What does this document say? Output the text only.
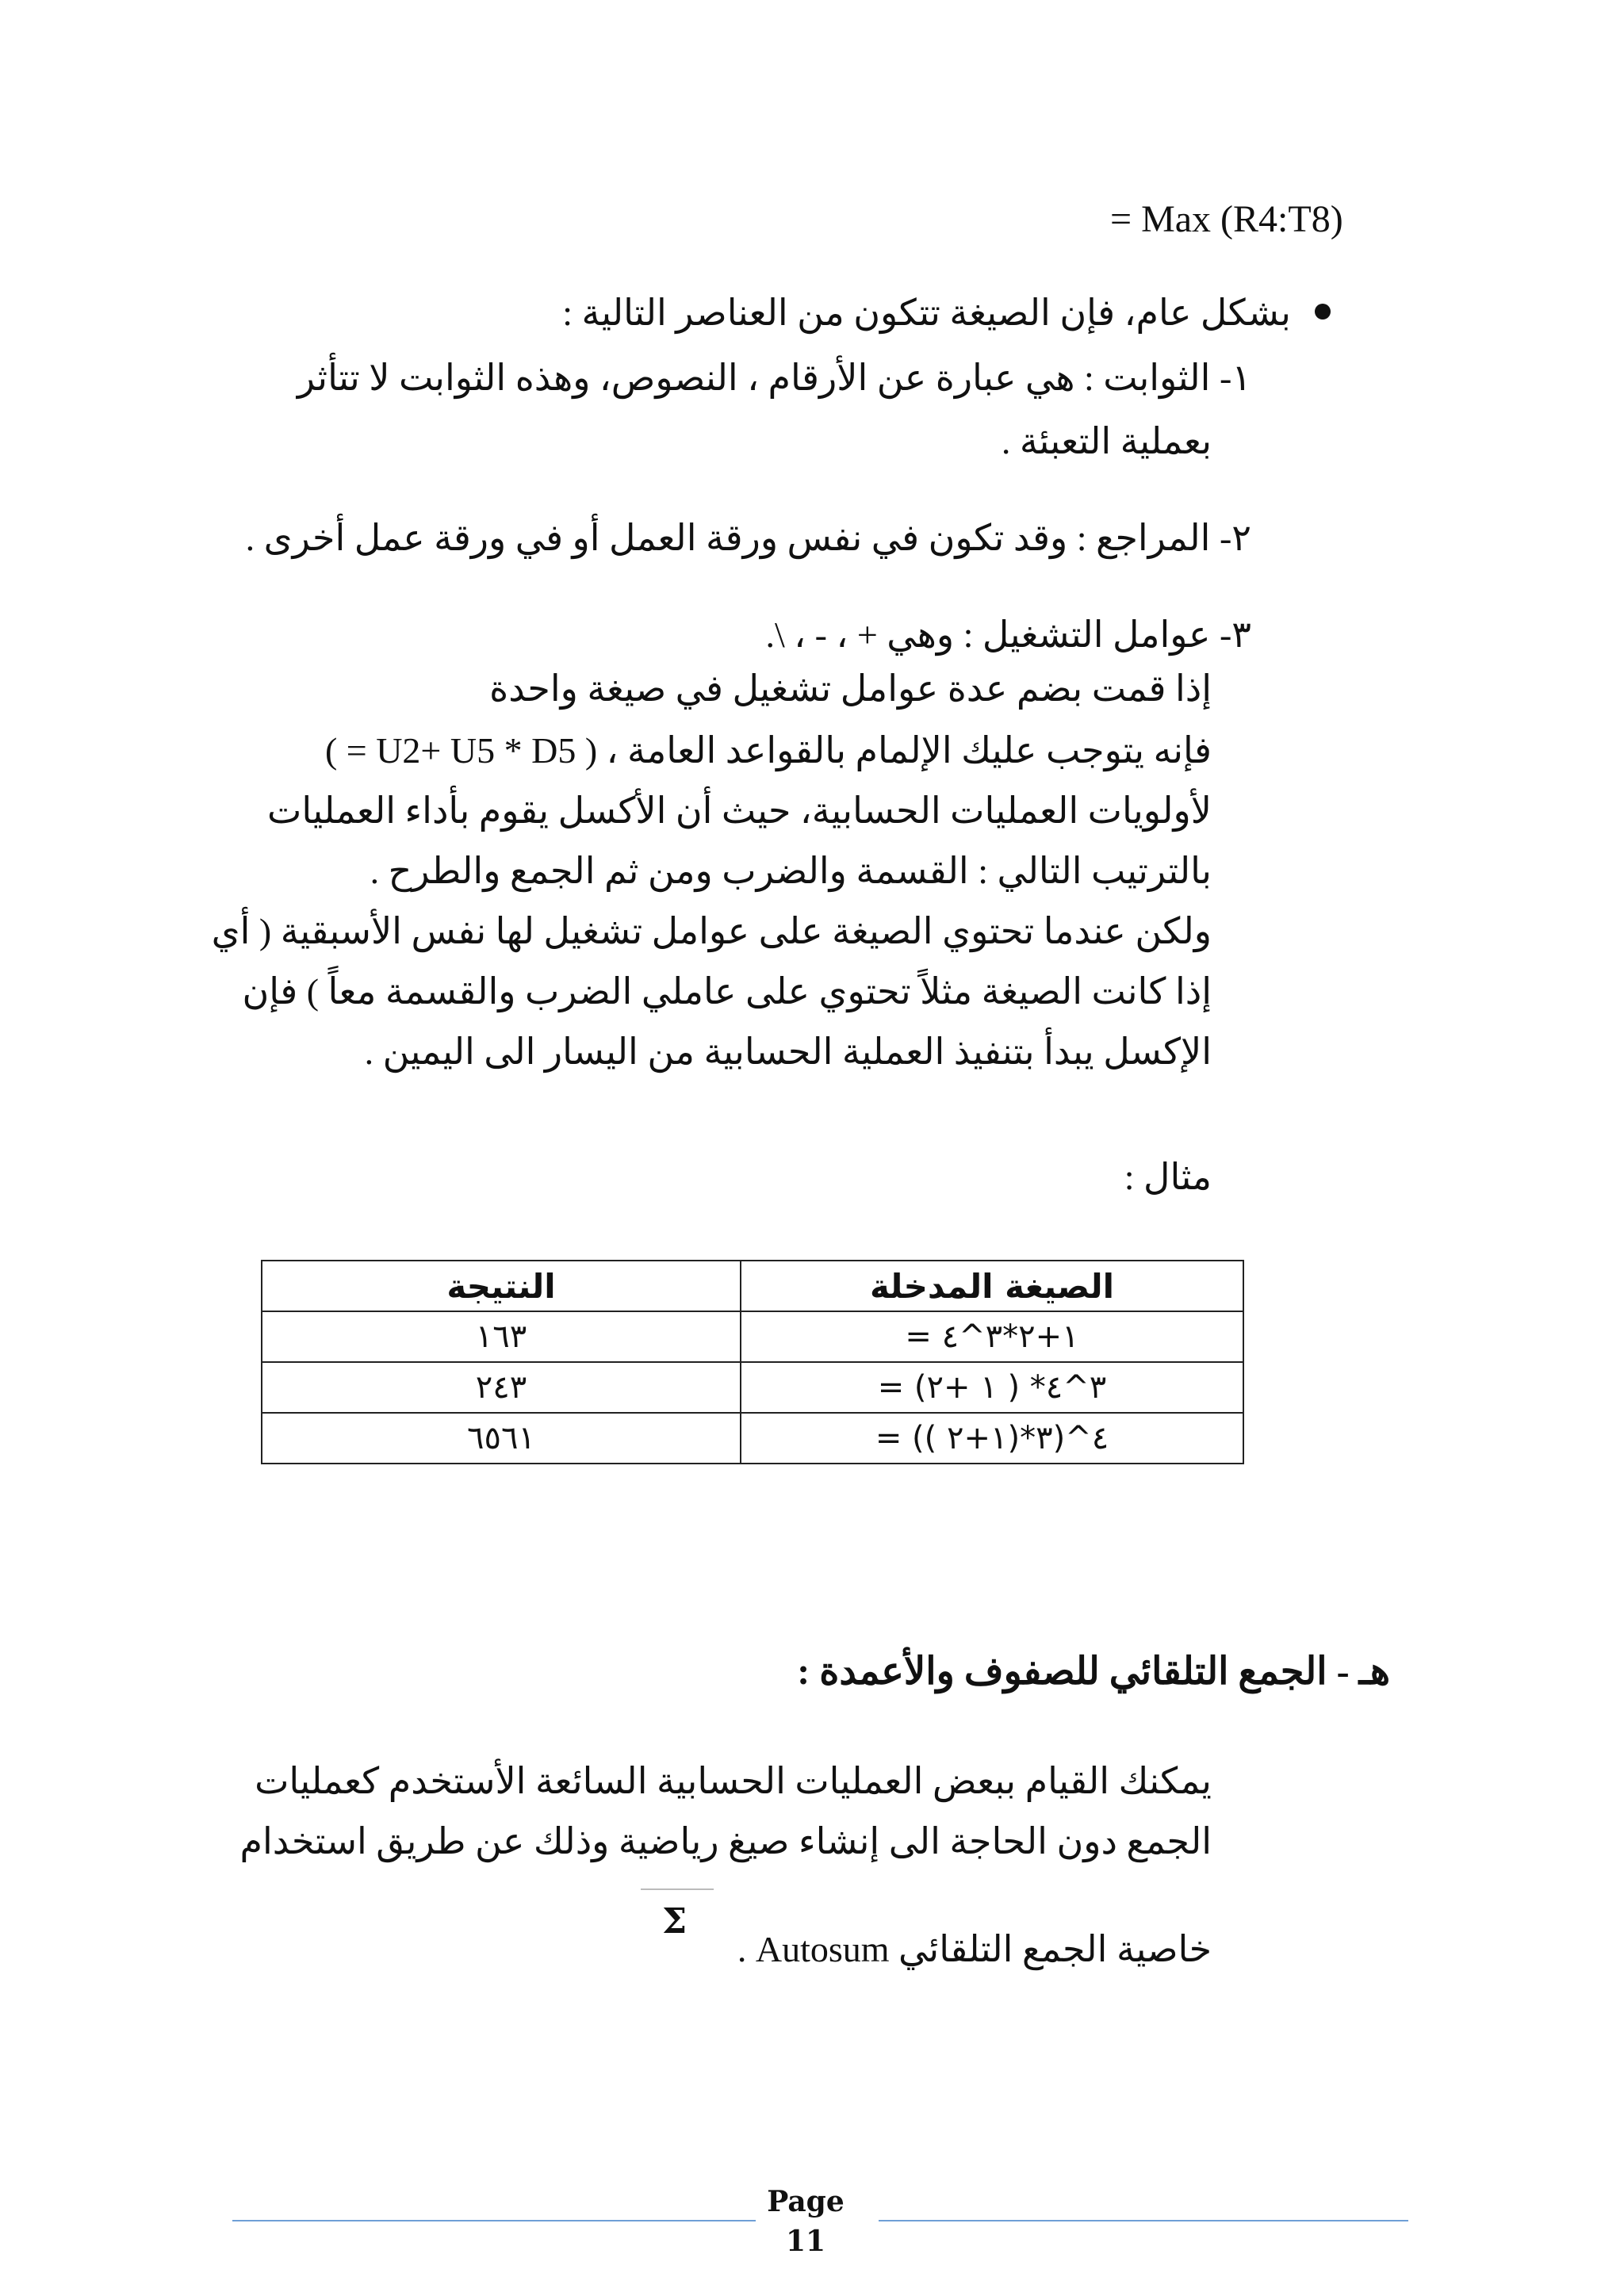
= Max (R4:T8)
بشكل عام، فإن الصيغة تتكون من العناصر التالية :
١- الثوابت : هي عبارة عن الأرقام ، النصوص، وهذه الثوابت لا تتأثر
بعملية التعبئة .
٢- المراجع : وقد تكون في نفس ورقة العمل أو في ورقة عمل أخرى .
٣- عوامل التشغيل : وهي + ، - ، \.
إذا قمت بضم عدة عوامل تشغيل في صيغة واحدة
( = U2+ U5 * D5 ) ، فإنه يتوجب عليك الإلمام بالقواعد العامة
لأولويات العمليات الحسابية، حيث أن الأكسل يقوم بأداء العمليات
بالترتيب التالي : القسمة والضرب ومن ثم الجمع والطرح .
ولكن عندما تحتوي الصيغة على عوامل تشغيل لها نفس الأسبقية ( أي
إذا كانت الصيغة مثلاً تحتوي على عاملي الضرب والقسمة معاً ) فإن
الإكسل يبدأ بتنفيذ العملية الحسابية من اليسار الى اليمين .
مثال :
النتيجة	الصيغة المدخلة
١٦٣	= ١+٢*٣^٤
٢٤٣	= (١ +٢ ) *٣^٤
٦٥٦١	= (( ١+٢)*٣)^٤
هـ - الجمع التلقائي للصفوف والأعمدة :
يمكنك القيام ببعض العمليات الحسابية السائعة الأستخدم كعمليات
الجمع دون الحاجة الى إنشاء صيغ رياضية وذلك عن طريق استخدام
Σ
خاصية الجمع التلقائي Autosum .
Page
11
